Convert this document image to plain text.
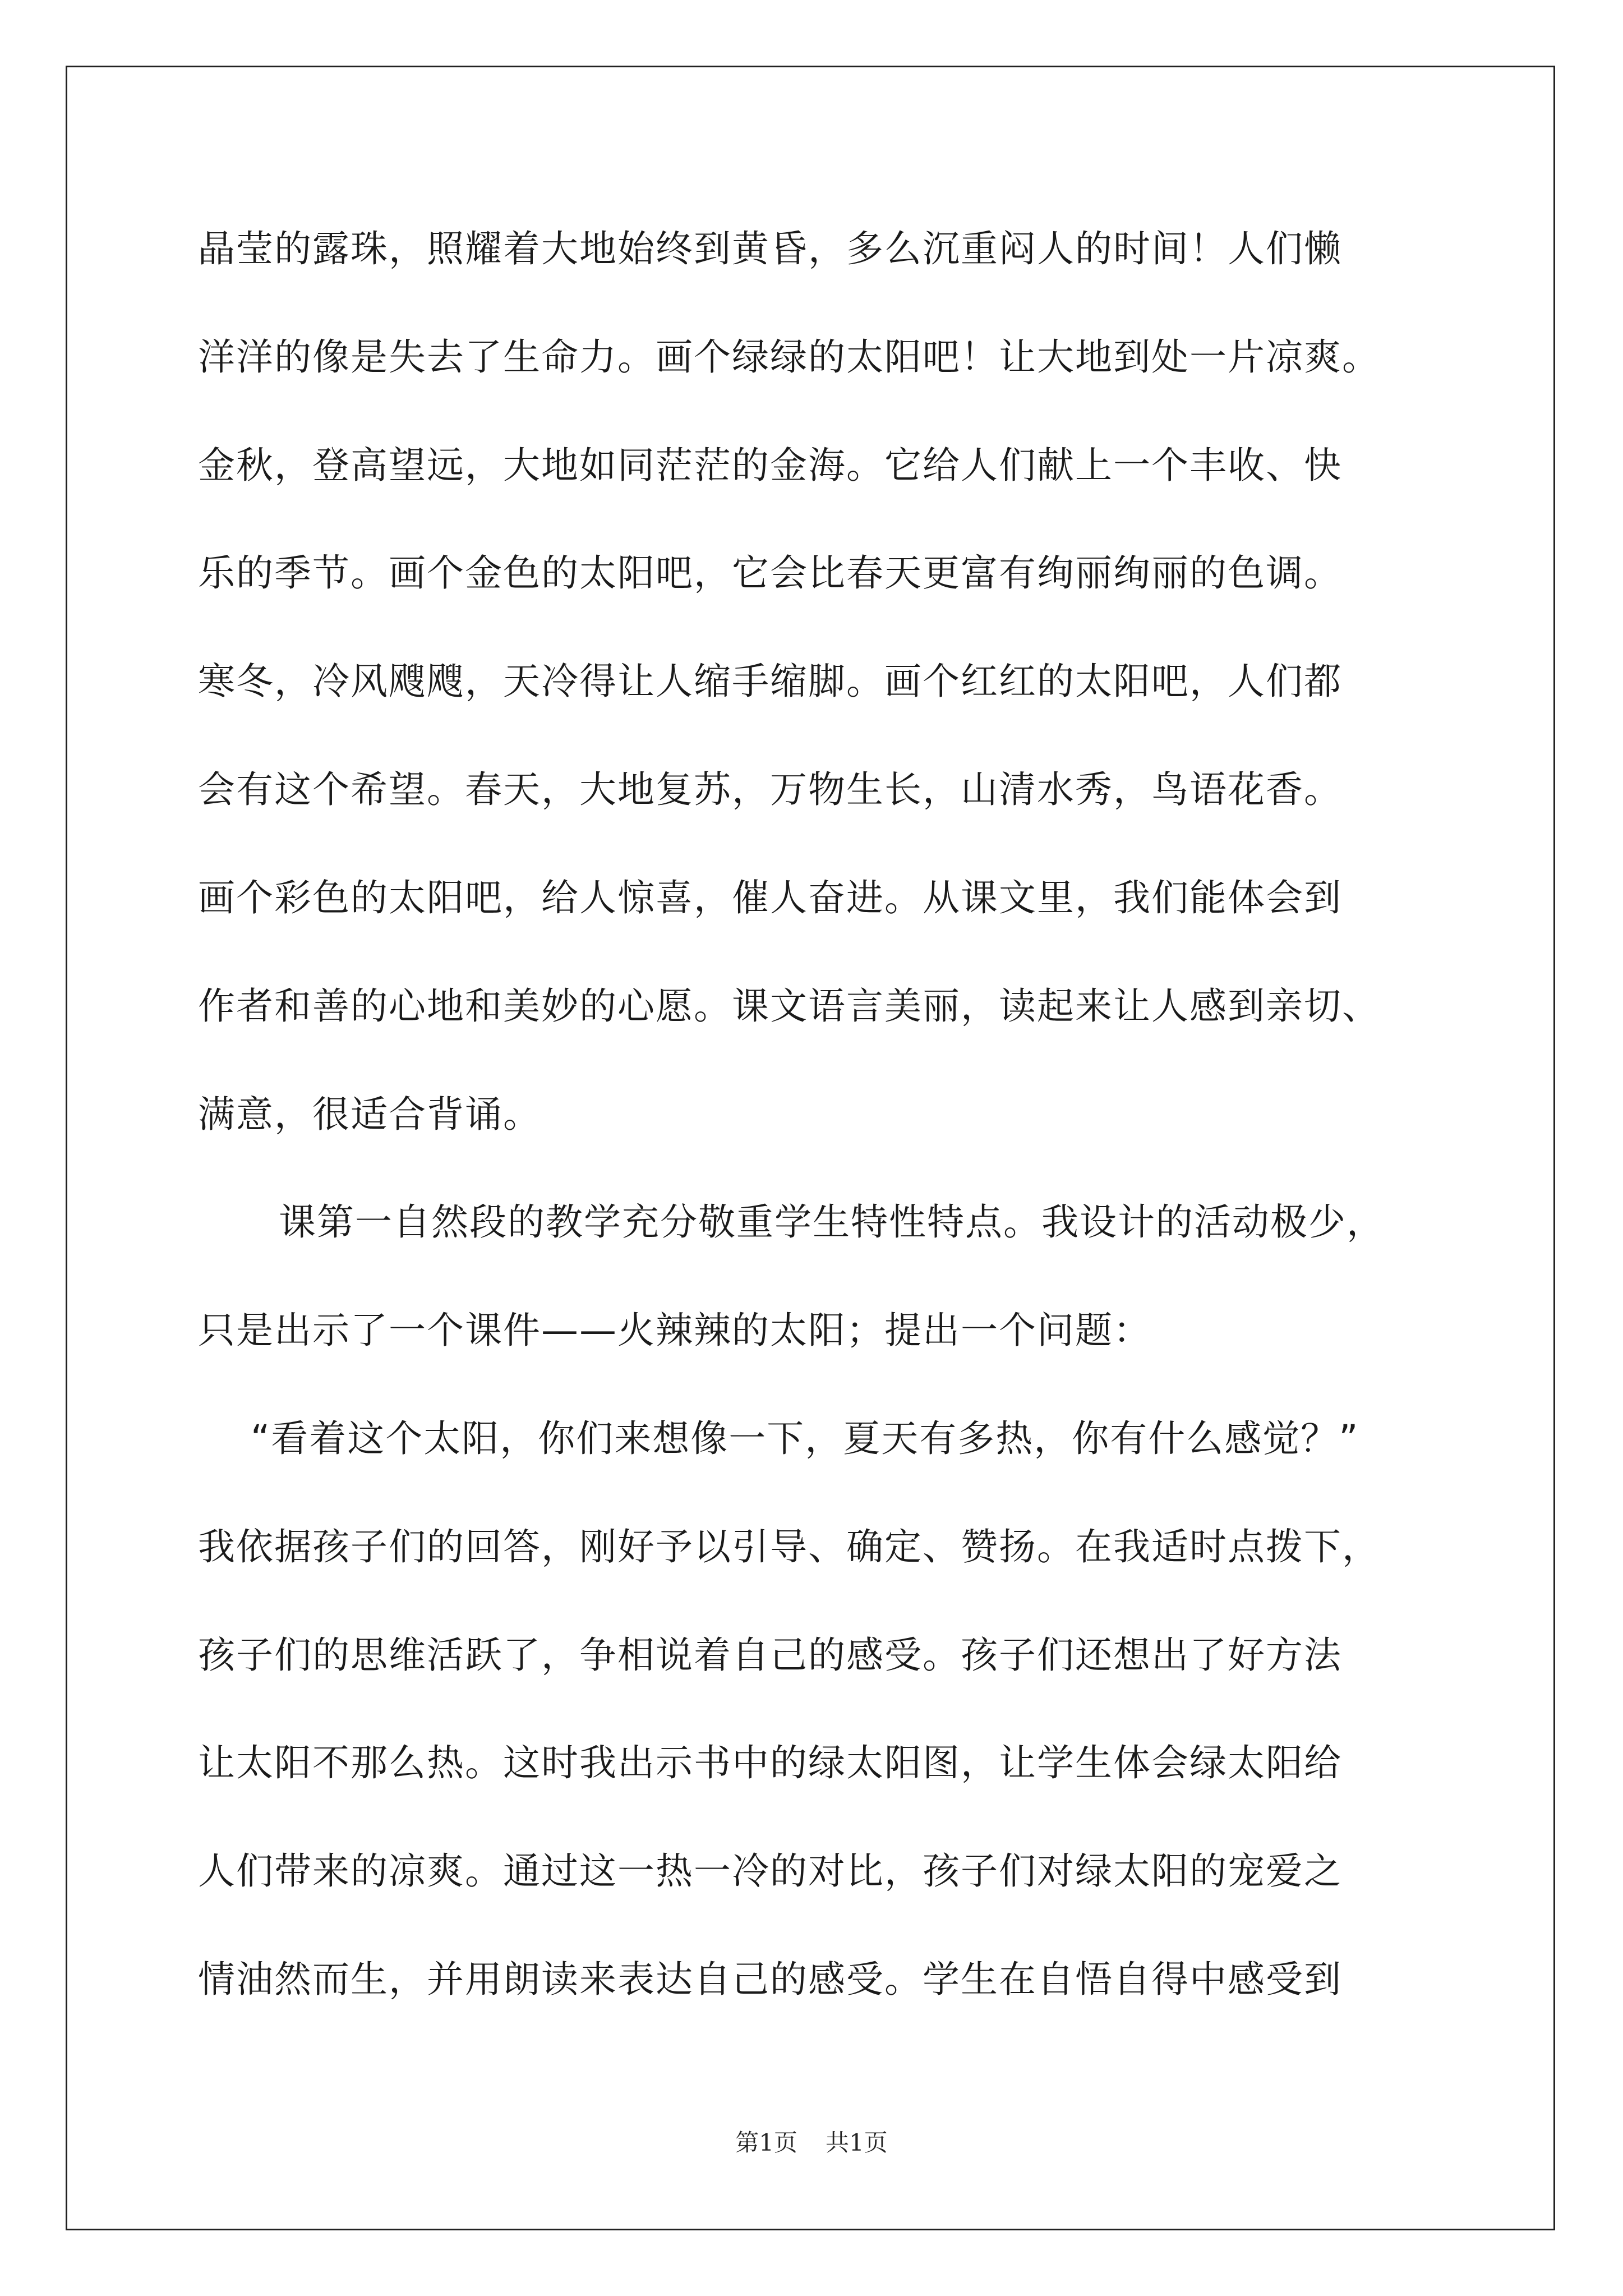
晶莹的露珠，照耀着大地始终到黄昏，多么沉重闷人的时间！人们懒
洋洋的像是失去了生命力。画个绿绿的太阳吧！让大地到处一片凉爽。
金秋，登高望远，大地如同茫茫的金海。它给人们献上一个丰收、快
乐的季节。画个金色的太阳吧，它会比春天更富有绚丽绚丽的色调。
寒冬，冷风飕飕，天冷得让人缩手缩脚。画个红红的太阳吧，人们都
会有这个希望。春天，大地复苏，万物生长，山清水秀，鸟语花香。
画个彩色的太阳吧，给人惊喜，催人奋进。从课文里，我们能体会到
作者和善的心地和美妙的心愿。课文语言美丽，读起来让人感到亲切、
满意，很适合背诵。
课第一自然段的教学充分敬重学生特性特点。我设计的活动极少，
只是出示了一个课件——火辣辣的太阳；提出一个问题：
“看着这个太阳，你们来想像一下，夏天有多热，你有什么感觉？”
我依据孩子们的回答，刚好予以引导、确定、赞扬。在我适时点拨下，
孩子们的思维活跃了，争相说着自己的感受。孩子们还想出了好方法
让太阳不那么热。这时我出示书中的绿太阳图，让学生体会绿太阳给
人们带来的凉爽。通过这一热一冷的对比，孩子们对绿太阳的宠爱之
情油然而生，并用朗读来表达自己的感受。学生在自悟自得中感受到
第1页 共1页
